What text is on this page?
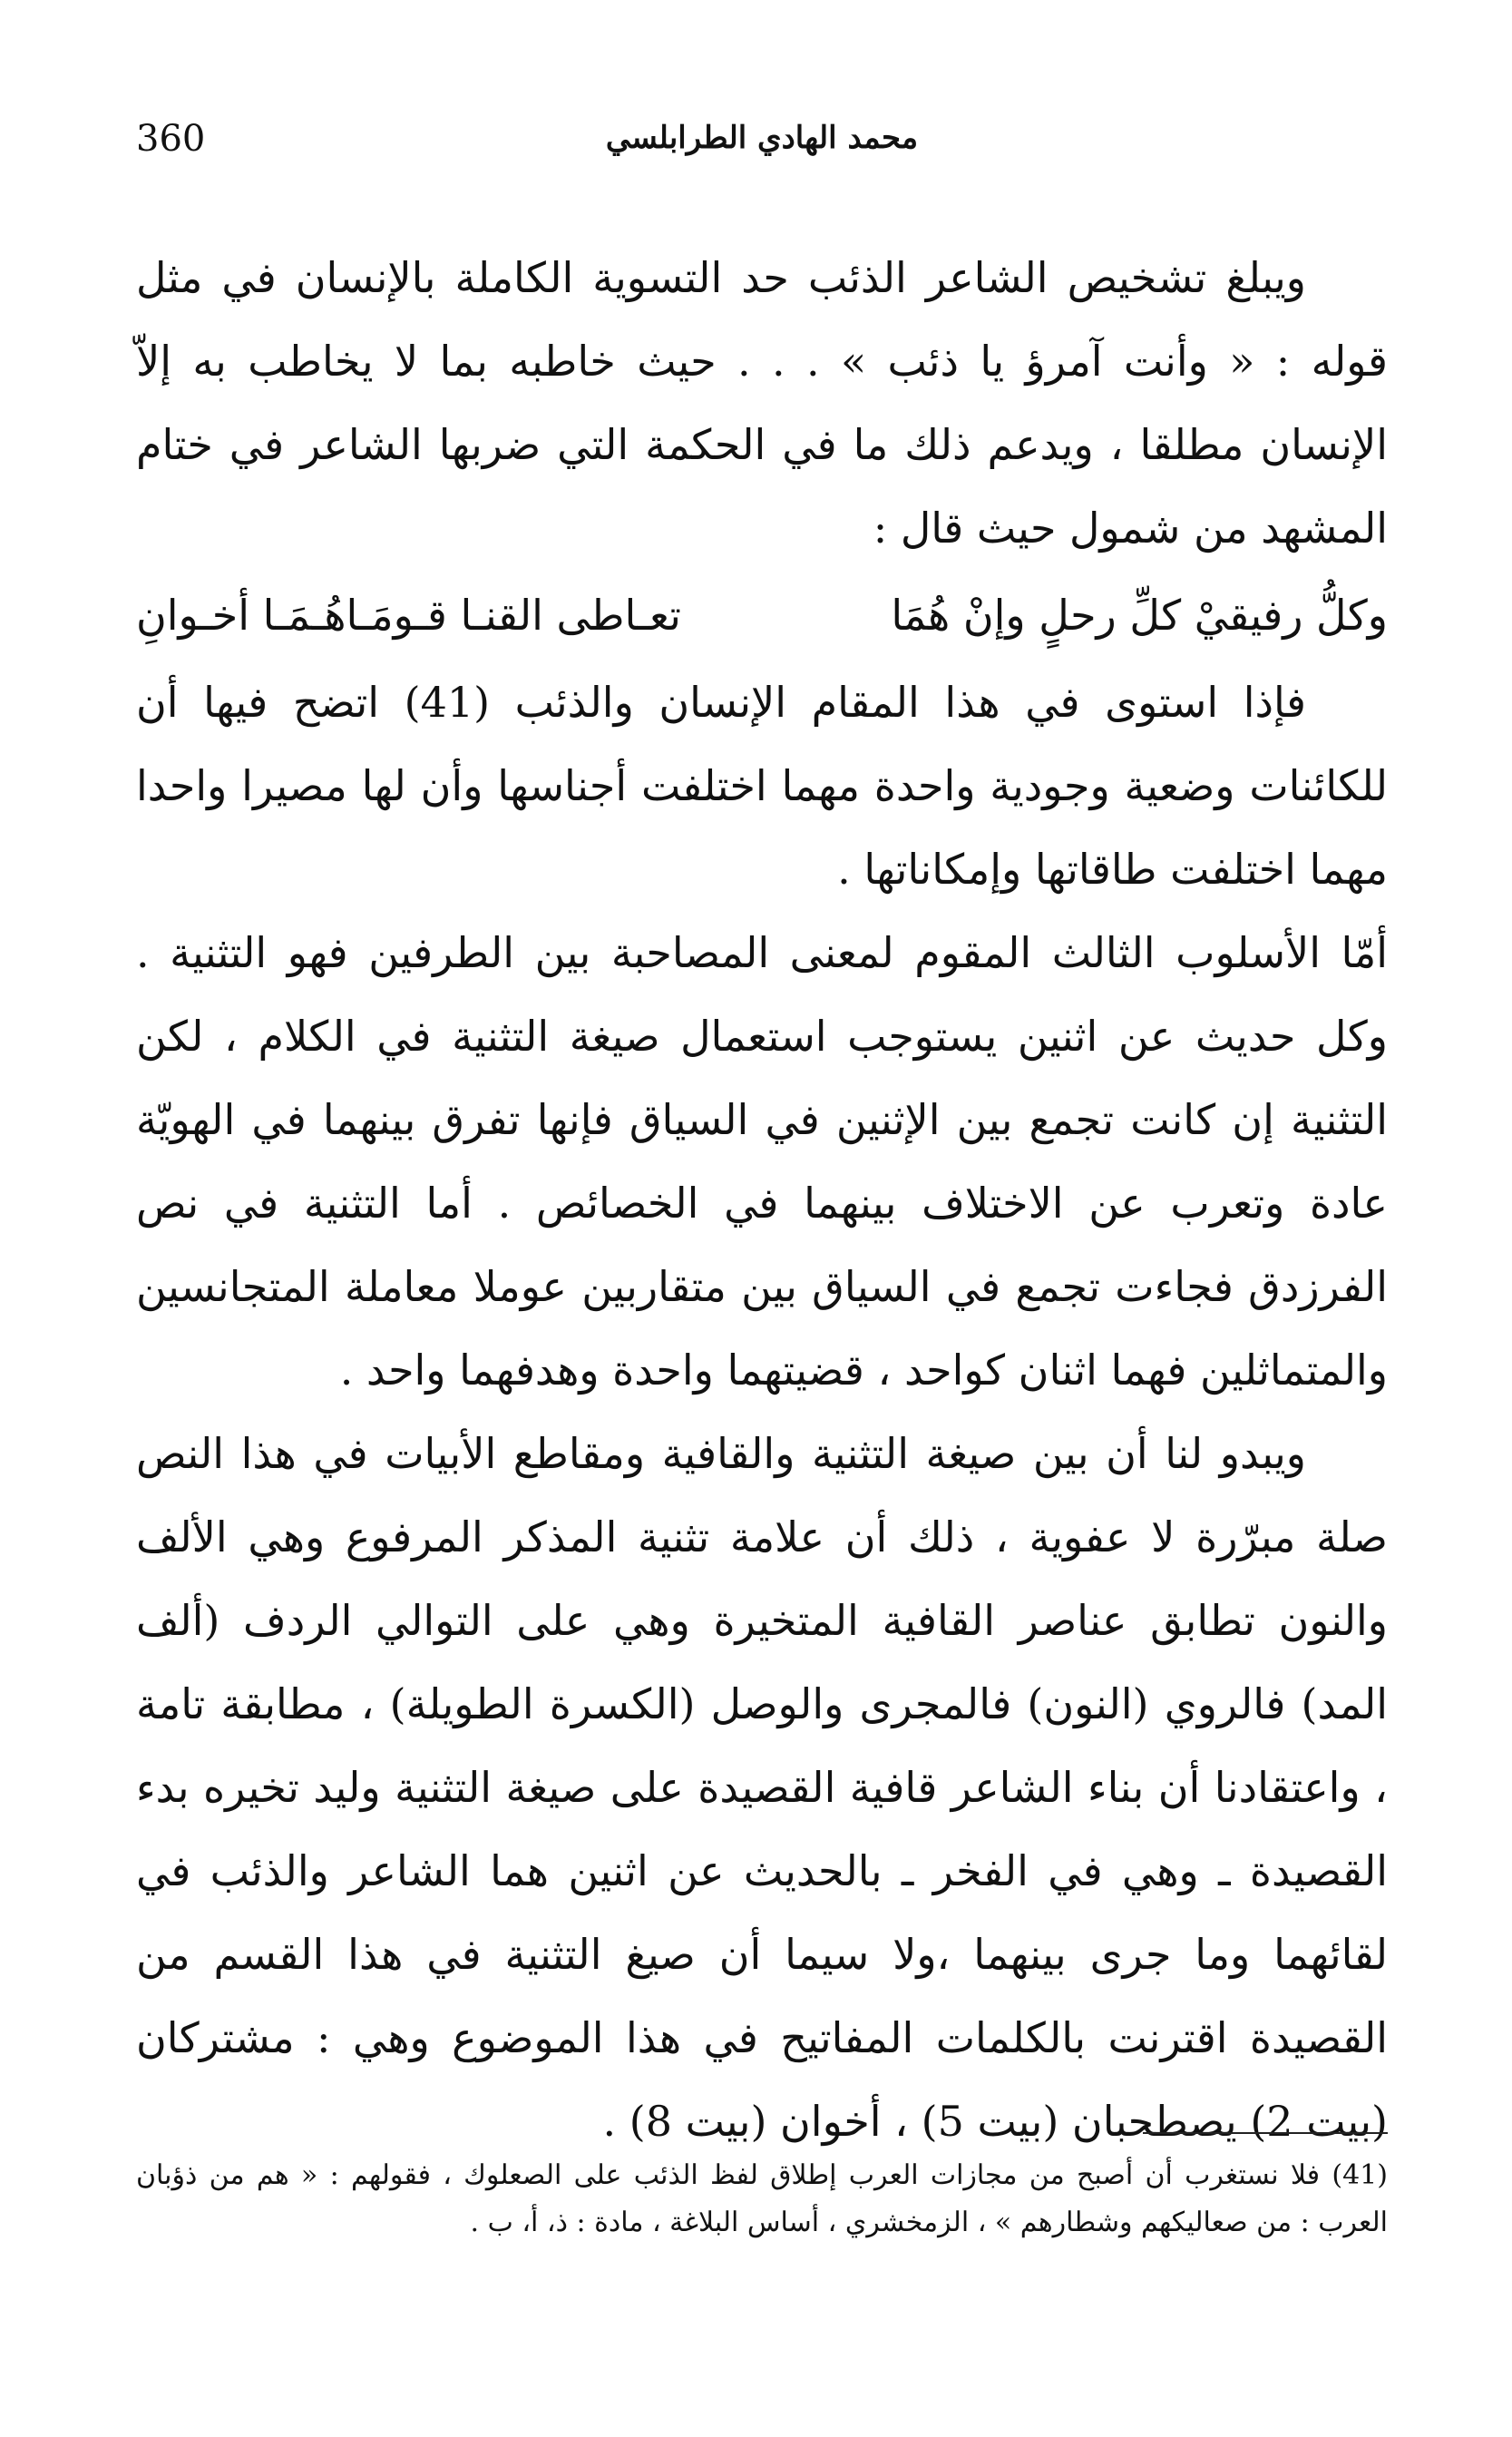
360	محمد الهادي الطرابلسي

ويبلغ تشخيص الشاعر الذئب حد التسوية الكاملة بالإنسان في مثل قوله : « وأنت آمرؤ يا ذئب » . . . حيث خاطبه بما لا يخاطب به إلاّ الإنسان مطلقا ، ويدعم ذلك ما في الحكمة التي ضربها الشاعر في ختام المشهد من شمول حيث قال :

وكلُّ رفيقيْ كلِّ رحلٍ وإنْ هُمَا
تعـاطى القنـا قـومَـاهُـمَـا أخـوانِ

فإذا استوى في هذا المقام الإنسان والذئب (41) اتضح فيها أن للكائنات وضعية وجودية واحدة مهما اختلفت أجناسها وأن لها مصيرا واحدا مهما اختلفت طاقاتها وإمكاناتها .

أمّا الأسلوب الثالث المقوم لمعنى المصاحبة بين الطرفين فهو التثنية . وكل حديث عن اثنين يستوجب استعمال صيغة التثنية في الكلام ، لكن التثنية إن كانت تجمع بين الإثنين في السياق فإنها تفرق بينهما في الهويّة عادة وتعرب عن الاختلاف بينهما في الخصائص . أما التثنية في نص الفرزدق فجاءت تجمع في السياق بين متقاربين عوملا معاملة المتجانسين والمتماثلين فهما اثنان كواحد ، قضيتهما واحدة وهدفهما واحد .

ويبدو لنا أن بين صيغة التثنية والقافية ومقاطع الأبيات في هذا النص صلة مبرّرة لا عفوية ، ذلك أن علامة تثنية المذكر المرفوع وهي الألف والنون تطابق عناصر القافية المتخيرة وهي على التوالي الردف (ألف المد) فالروي (النون) فالمجرى والوصل (الكسرة الطويلة) ، مطابقة تامة ، واعتقادنا أن بناء الشاعر قافية القصيدة على صيغة التثنية وليد تخيره بدء القصيدة ـ وهي في الفخر ـ بالحديث عن اثنين هما الشاعر والذئب في لقائهما وما جرى بينهما ،ولا سيما أن صيغ التثنية في هذا القسم من القصيدة اقترنت بالكلمات المفاتيح في هذا الموضوع وهي : مشتركان (بيت 2) يصطحبان (بيت 5) ، أخوان (بيت 8) .

(41) فلا نستغرب أن أصبح من مجازات العرب إطلاق لفظ الذئب على الصعلوك ، فقولهم : « هم من ذؤبان العرب : من صعاليكهم وشطارهم » ، الزمخشري ، أساس البلاغة ، مادة : ذ، أ، ب .
